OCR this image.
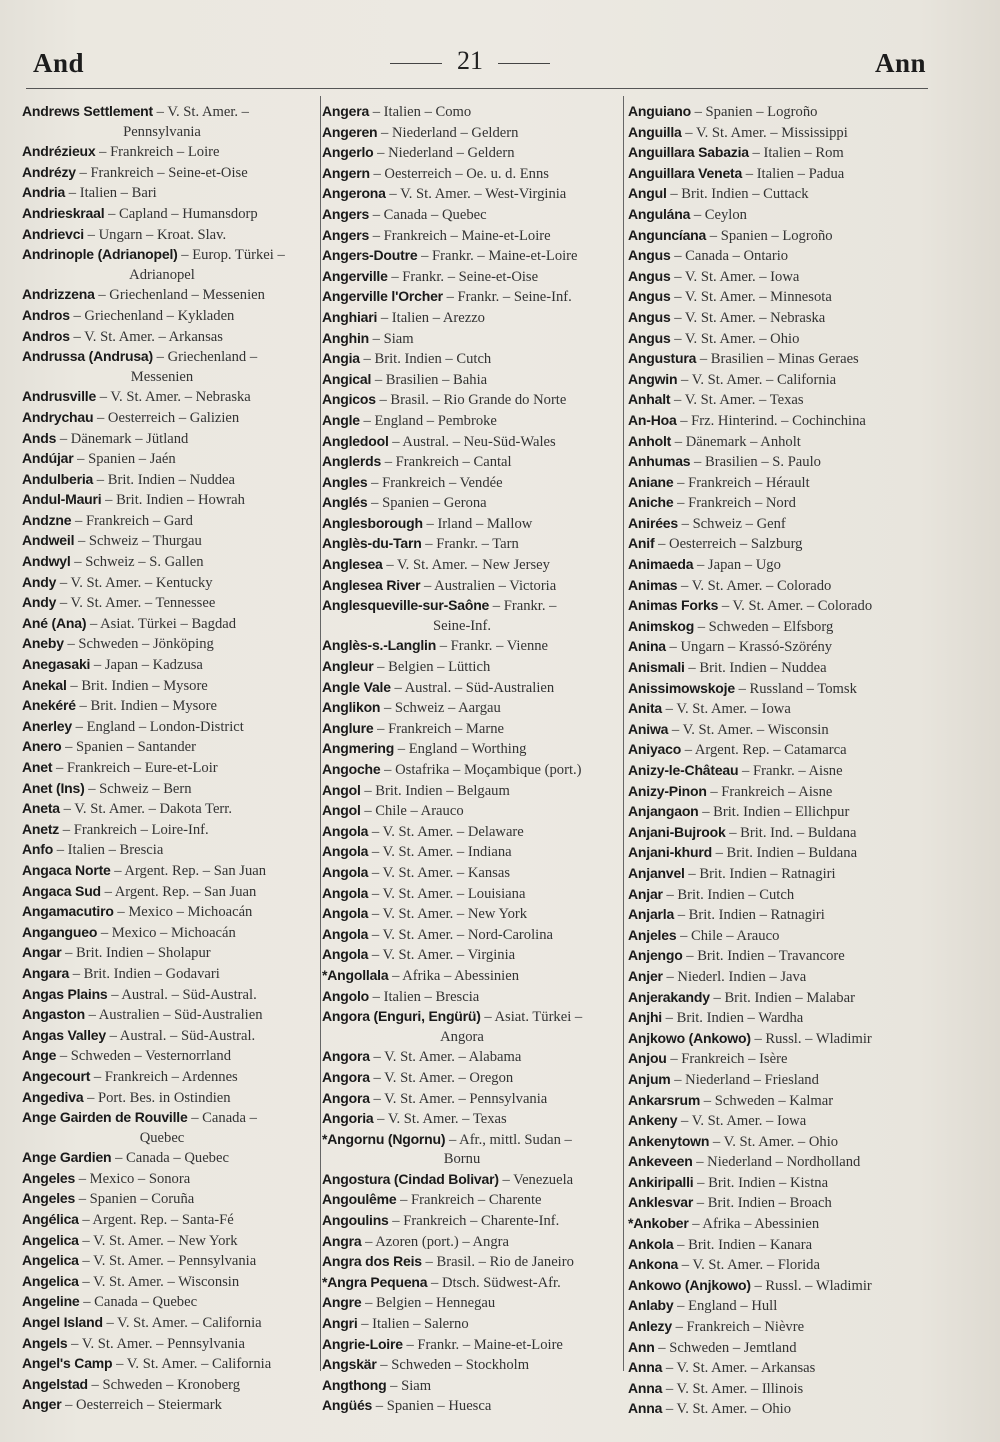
And	21	Ann
Andrews Settlement – V. St. Amer. –
Pennsylvania
Andrézieux – Frankreich – Loire
Andrézy – Frankreich – Seine-et-Oise
Andria – Italien – Bari
Andrieskraal – Capland – Humansdorp
Andrievci – Ungarn – Kroat. Slav.
Andrinople (Adrianopel) – Europ. Türkei –
Adrianopel
Andrizzena – Griechenland – Messenien
Andros – Griechenland – Kykladen
Andros – V. St. Amer. – Arkansas
Andrussa (Andrusa) – Griechenland –
Messenien
Andrusville – V. St. Amer. – Nebraska
Andrychau – Oesterreich – Galizien
Ands – Dänemark – Jütland
Andújar – Spanien – Jaén
Andulberia – Brit. Indien – Nuddea
Andul-Mauri – Brit. Indien – Howrah
Andzne – Frankreich – Gard
Andweil – Schweiz – Thurgau
Andwyl – Schweiz – S. Gallen
Andy – V. St. Amer. – Kentucky
Andy – V. St. Amer. – Tennessee
Ané (Ana) – Asiat. Türkei – Bagdad
Aneby – Schweden – Jönköping
Anegasaki – Japan – Kadzusa
Anekal – Brit. Indien – Mysore
Anekéré – Brit. Indien – Mysore
Anerley – England – London-District
Anero – Spanien – Santander
Anet – Frankreich – Eure-et-Loir
Anet (Ins) – Schweiz – Bern
Aneta – V. St. Amer. – Dakota Terr.
Anetz – Frankreich – Loire-Inf.
Anfo – Italien – Brescia
Angaca Norte – Argent. Rep. – San Juan
Angaca Sud – Argent. Rep. – San Juan
Angamacutiro – Mexico – Michoacán
Angangueo – Mexico – Michoacán
Angar – Brit. Indien – Sholapur
Angara – Brit. Indien – Godavari
Angas Plains – Austral. – Süd-Austral.
Angaston – Australien – Süd-Australien
Angas Valley – Austral. – Süd-Austral.
Ange – Schweden – Vesternorrland
Angecourt – Frankreich – Ardennes
Angediva – Port. Bes. in Ostindien
Ange Gairden de Rouville – Canada –
Quebec
Ange Gardien – Canada – Quebec
Angeles – Mexico – Sonora
Angeles – Spanien – Coruña
Angélica – Argent. Rep. – Santa-Fé
Angelica – V. St. Amer. – New York
Angelica – V. St. Amer. – Pennsylvania
Angelica – V. St. Amer. – Wisconsin
Angeline – Canada – Quebec
Angel Island – V. St. Amer. – California
Angels – V. St. Amer. – Pennsylvania
Angel's Camp – V. St. Amer. – California
Angelstad – Schweden – Kronoberg
Anger – Oesterreich – Steiermark
Angera – Italien – Como
Angeren – Niederland – Geldern
Angerlo – Niederland – Geldern
Angern – Oesterreich – Oe. u. d. Enns
Angerona – V. St. Amer. – West-Virginia
Angers – Canada – Quebec
Angers – Frankreich – Maine-et-Loire
Angers-Doutre – Frankr. – Maine-et-Loire
Angerville – Frankr. – Seine-et-Oise
Angerville l'Orcher – Frankr. – Seine-Inf.
Anghiari – Italien – Arezzo
Anghin – Siam
Angia – Brit. Indien – Cutch
Angical – Brasilien – Bahia
Angicos – Brasil. – Rio Grande do Norte
Angle – England – Pembroke
Angledool – Austral. – Neu-Süd-Wales
Anglerds – Frankreich – Cantal
Angles – Frankreich – Vendée
Anglés – Spanien – Gerona
Anglesborough – Irland – Mallow
Anglès-du-Tarn – Frankr. – Tarn
Anglesea – V. St. Amer. – New Jersey
Anglesea River – Australien – Victoria
Anglesqueville-sur-Saône – Frankr. –
Seine-Inf.
Anglès-s.-Langlin – Frankr. – Vienne
Angleur – Belgien – Lüttich
Angle Vale – Austral. – Süd-Australien
Anglikon – Schweiz – Aargau
Anglure – Frankreich – Marne
Angmering – England – Worthing
Angoche – Ostafrika – Moçambique (port.)
Angol – Brit. Indien – Belgaum
Angol – Chile – Arauco
Angola – V. St. Amer. – Delaware
Angola – V. St. Amer. – Indiana
Angola – V. St. Amer. – Kansas
Angola – V. St. Amer. – Louisiana
Angola – V. St. Amer. – New York
Angola – V. St. Amer. – Nord-Carolina
Angola – V. St. Amer. – Virginia
*Angollala – Afrika – Abessinien
Angolo – Italien – Brescia
Angora (Enguri, Engürü) – Asiat. Türkei –
Angora
Angora – V. St. Amer. – Alabama
Angora – V. St. Amer. – Oregon
Angora – V. St. Amer. – Pennsylvania
Angoria – V. St. Amer. – Texas
*Angornu (Ngornu) – Afr., mittl. Sudan –
Bornu
Angostura (Cindad Bolivar) – Venezuela
Angoulême – Frankreich – Charente
Angoulins – Frankreich – Charente-Inf.
Angra – Azoren (port.) – Angra
Angra dos Reis – Brasil. – Rio de Janeiro
*Angra Pequena – Dtsch. Südwest-Afr.
Angre – Belgien – Hennegau
Angri – Italien – Salerno
Angrie-Loire – Frankr. – Maine-et-Loire
Angskär – Schweden – Stockholm
Angthong – Siam
Angüés – Spanien – Huesca
Anguiano – Spanien – Logroño
Anguilla – V. St. Amer. – Mississippi
Anguillara Sabazia – Italien – Rom
Anguillara Veneta – Italien – Padua
Angul – Brit. Indien – Cuttack
Angulána – Ceylon
Anguncíana – Spanien – Logroño
Angus – Canada – Ontario
Angus – V. St. Amer. – Iowa
Angus – V. St. Amer. – Minnesota
Angus – V. St. Amer. – Nebraska
Angus – V. St. Amer. – Ohio
Angustura – Brasilien – Minas Geraes
Angwin – V. St. Amer. – California
Anhalt – V. St. Amer. – Texas
An-Hoa – Frz. Hinterind. – Cochinchina
Anholt – Dänemark – Anholt
Anhumas – Brasilien – S. Paulo
Aniane – Frankreich – Hérault
Aniche – Frankreich – Nord
Anirées – Schweiz – Genf
Anif – Oesterreich – Salzburg
Animaeda – Japan – Ugo
Animas – V. St. Amer. – Colorado
Animas Forks – V. St. Amer. – Colorado
Animskog – Schweden – Elfsborg
Anina – Ungarn – Krassó-Szörény
Anismali – Brit. Indien – Nuddea
Anissimowskoje – Russland – Tomsk
Anita – V. St. Amer. – Iowa
Aniwa – V. St. Amer. – Wisconsin
Aniyaco – Argent. Rep. – Catamarca
Anizy-le-Château – Frankr. – Aisne
Anizy-Pinon – Frankreich – Aisne
Anjangaon – Brit. Indien – Ellichpur
Anjani-Bujrook – Brit. Ind. – Buldana
Anjani-khurd – Brit. Indien – Buldana
Anjanvel – Brit. Indien – Ratnagiri
Anjar – Brit. Indien – Cutch
Anjarla – Brit. Indien – Ratnagiri
Anjeles – Chile – Arauco
Anjengo – Brit. Indien – Travancore
Anjer – Niederl. Indien – Java
Anjerakandy – Brit. Indien – Malabar
Anjhi – Brit. Indien – Wardha
Anjkowo (Ankowo) – Russl. – Wladimir
Anjou – Frankreich – Isère
Anjum – Niederland – Friesland
Ankarsrum – Schweden – Kalmar
Ankeny – V. St. Amer. – Iowa
Ankenytown – V. St. Amer. – Ohio
Ankeveen – Niederland – Nordholland
Ankiripalli – Brit. Indien – Kistna
Anklesvar – Brit. Indien – Broach
*Ankober – Afrika – Abessinien
Ankola – Brit. Indien – Kanara
Ankona – V. St. Amer. – Florida
Ankowo (Anjkowo) – Russl. – Wladimir
Anlaby – England – Hull
Anlezy – Frankreich – Nièvre
Ann – Schweden – Jemtland
Anna – V. St. Amer. – Arkansas
Anna – V. St. Amer. – Illinois
Anna – V. St. Amer. – Ohio
